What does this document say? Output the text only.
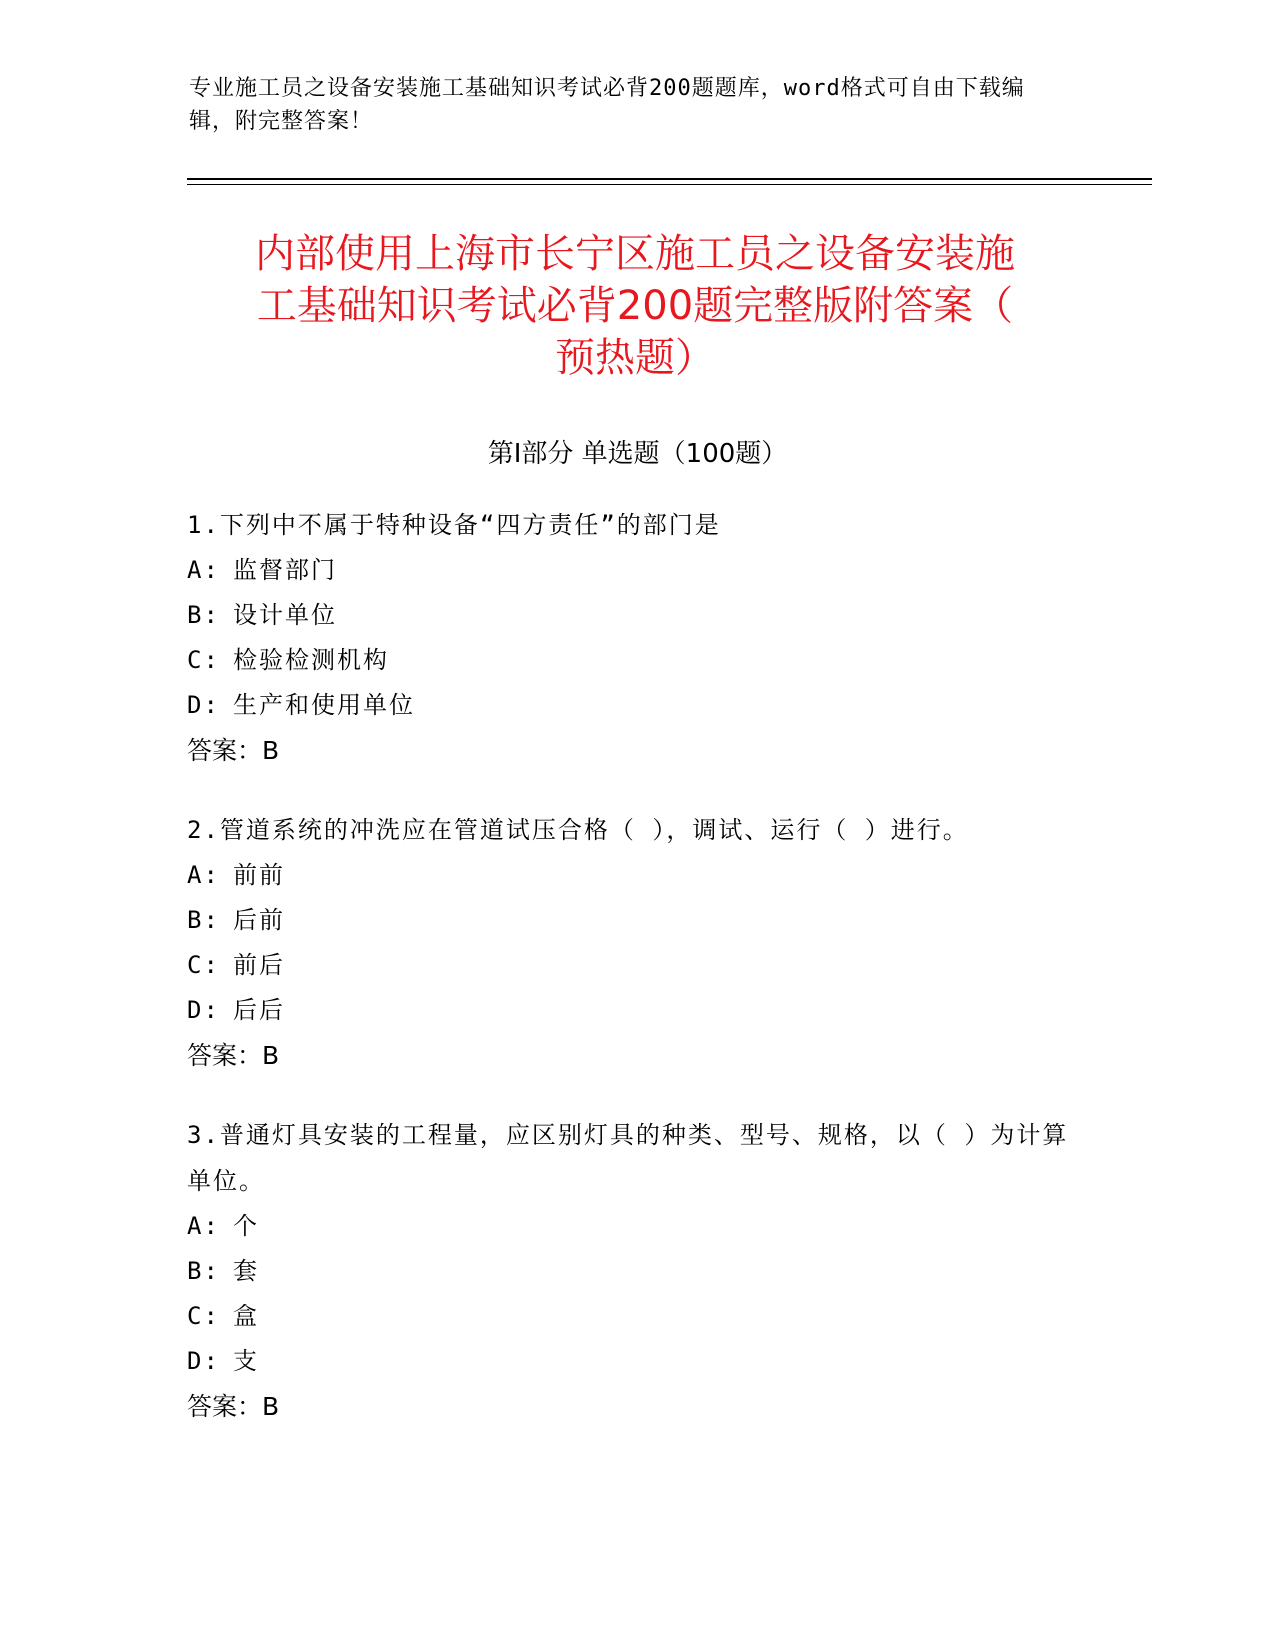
专业施工员之设备安装施工基础知识考试必背200题题库，word格式可自由下载编辑，附完整答案！
内部使用上海市长宁区施工员之设备安装施
工基础知识考试必背200题完整版附答案（
预热题）
第Ⅰ部分 单选题（100题）
1.下列中不属于特种设备“四方责任”的部门是
A: 监督部门
B: 设计单位
C: 检验检测机构
D: 生产和使用单位
答案：B
2.管道系统的冲洗应在管道试压合格（ ），调试、运行（ ）进行。
A: 前前
B: 后前
C: 前后
D: 后后
答案：B
3.普通灯具安装的工程量，应区别灯具的种类、型号、规格，以（ ）为计算单位。
A: 个
B: 套
C: 盒
D: 支
答案：B
